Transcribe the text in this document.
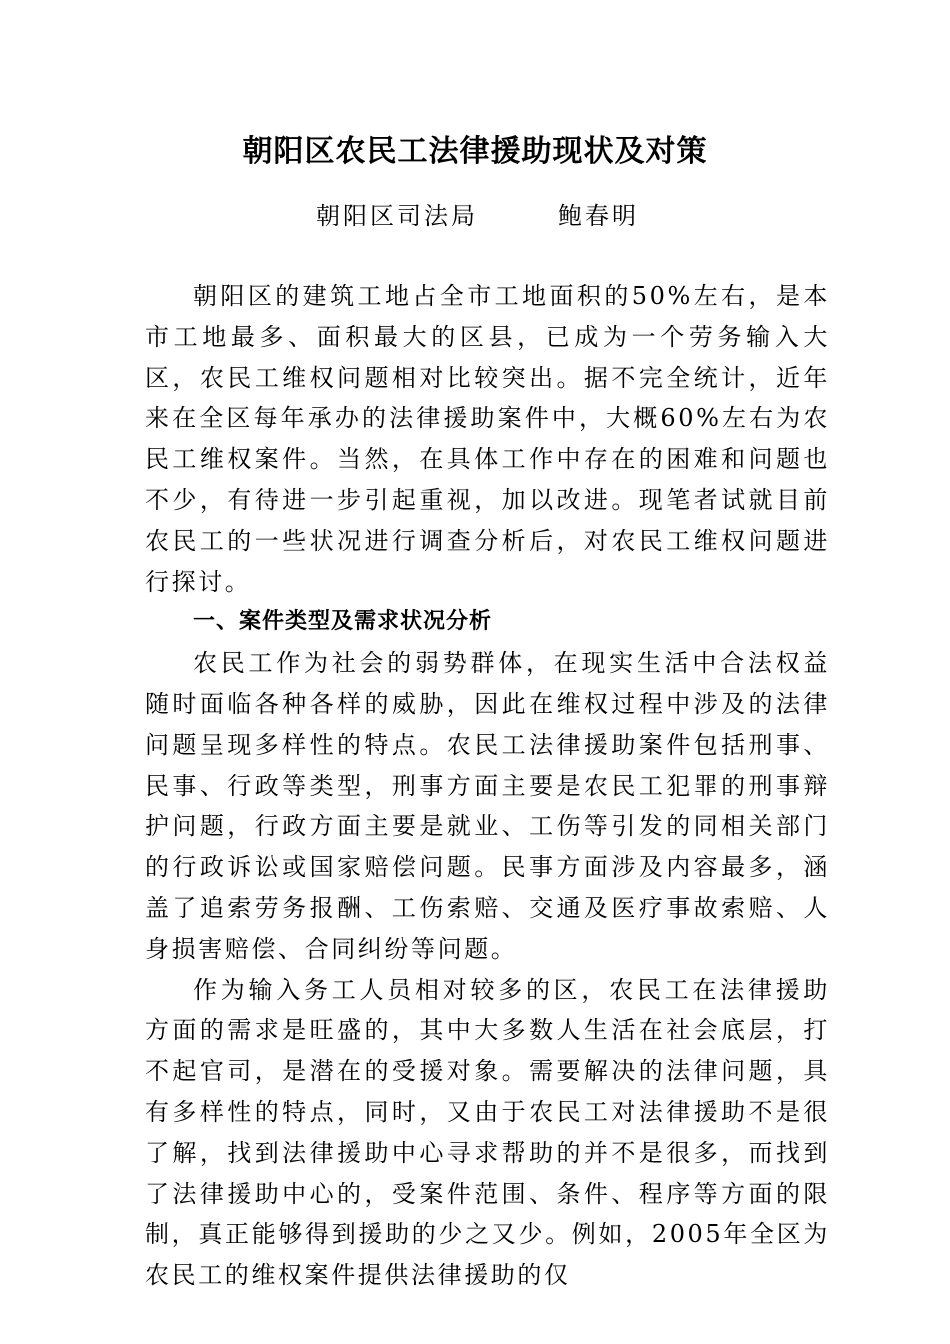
朝阳区农民工法律援助现状及对策
朝阳区司法局	鲍春明

朝阳区的建筑工地占全市工地面积的50%左右，是本市工地最多、面积最大的区县，已成为一个劳务输入大区，农民工维权问题相对比较突出。据不完全统计，近年来在全区每年承办的法律援助案件中，大概60%左右为农民工维权案件。当然，在具体工作中存在的困难和问题也不少，有待进一步引起重视，加以改进。现笔者试就目前农民工的一些状况进行调查分析后，对农民工维权问题进行探讨。

一、案件类型及需求状况分析

农民工作为社会的弱势群体，在现实生活中合法权益随时面临各种各样的威胁，因此在维权过程中涉及的法律问题呈现多样性的特点。农民工法律援助案件包括刑事、民事、行政等类型，刑事方面主要是农民工犯罪的刑事辩护问题，行政方面主要是就业、工伤等引发的同相关部门的行政诉讼或国家赔偿问题。民事方面涉及内容最多，涵盖了追索劳务报酬、工伤索赔、交通及医疗事故索赔、人身损害赔偿、合同纠纷等问题。

作为输入务工人员相对较多的区，农民工在法律援助方面的需求是旺盛的，其中大多数人生活在社会底层，打不起官司，是潜在的受援对象。需要解决的法律问题，具有多样性的特点，同时，又由于农民工对法律援助不是很了解，找到法律援助中心寻求帮助的并不是很多，而找到了法律援助中心的，受案件范围、条件、程序等方面的限制，真正能够得到援助的少之又少。例如，2005年全区为农民工的维权案件提供法律援助的仅
